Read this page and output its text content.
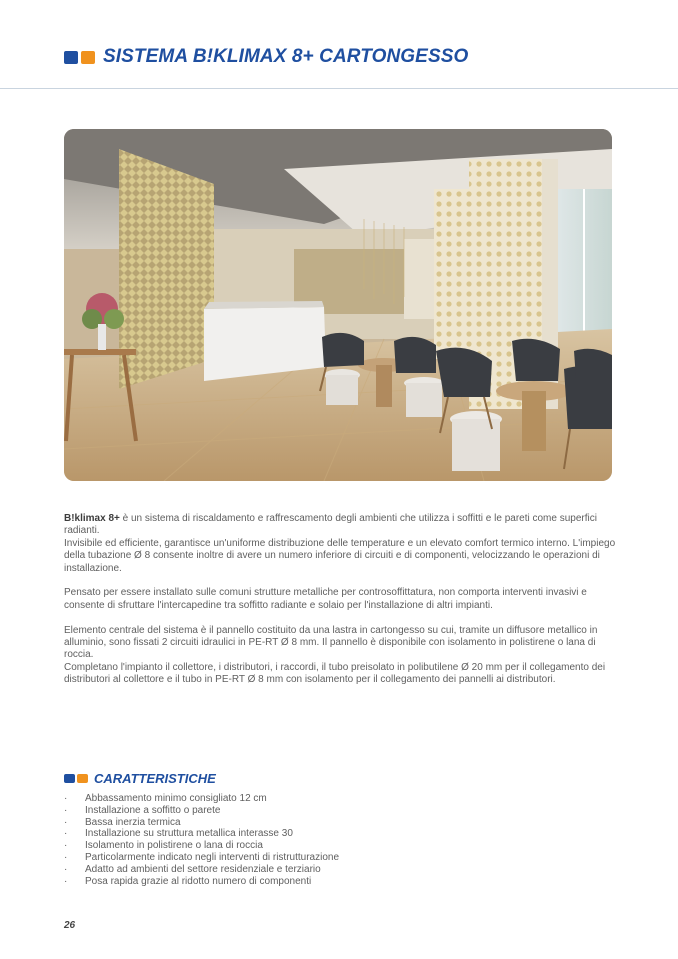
SISTEMA B!KLIMAX 8+ CARTONGESSO

B!klimax 8+ è un sistema di riscaldamento e raffrescamento degli ambienti che utilizza i soffitti e le pareti come superfici radianti.
Invisibile ed efficiente, garantisce un'uniforme distribuzione delle temperature e un elevato comfort termico interno. L'impiego della tubazione Ø 8 consente inoltre di avere un numero inferiore di circuiti e di componenti, velocizzando le operazioni di installazione.

Pensato per essere installato sulle comuni strutture metalliche per controsoffittatura, non comporta interventi invasivi e consente di sfruttare l'intercapedine tra soffitto radiante e solaio per l'installazione di altri impianti.

Elemento centrale del sistema è il pannello costituito da una lastra in cartongesso su cui, tramite un diffusore metallico in alluminio, sono fissati 2 circuiti idraulici in PE-RT Ø 8 mm. Il pannello è disponibile con isolamento in polistirene o lana di roccia.
Completano l'impianto il collettore, i distributori, i raccordi, il tubo preisolato in polibutilene Ø 20 mm per il collegamento dei distributori al collettore e il tubo in PE-RT Ø 8 mm con isolamento per il collegamento dei pannelli ai distributori.

CARATTERISTICHE
·	Abbassamento minimo consigliato 12 cm
·	Installazione a soffitto o parete
·	Bassa inerzia termica
·	Installazione su struttura metallica interasse 30
·	Isolamento in polistirene o lana di roccia
·	Particolarmente indicato negli interventi di ristrutturazione
·	Adatto ad ambienti del settore residenziale e terziario
·	Posa rapida grazie al ridotto numero di componenti
26
